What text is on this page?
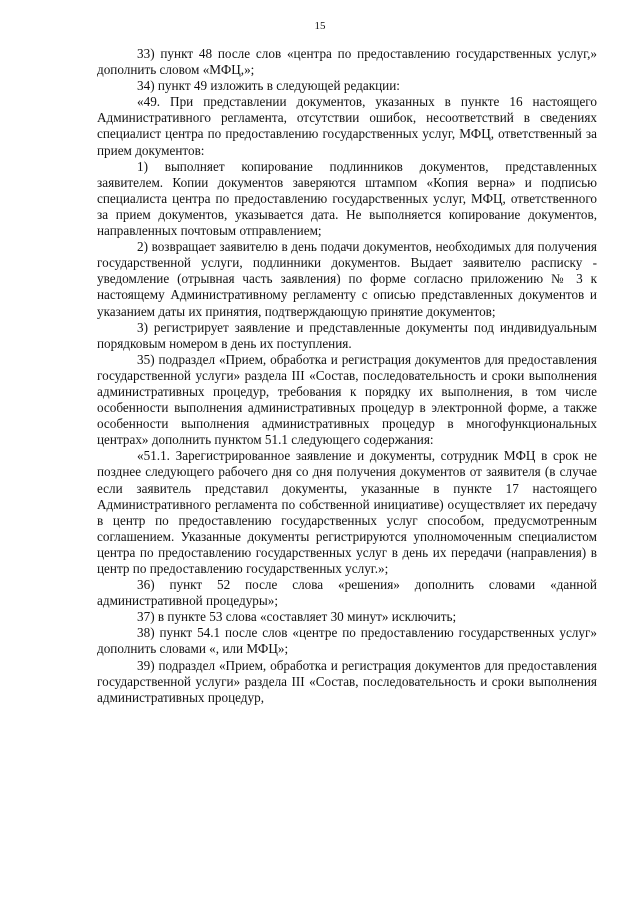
15

33) пункт 48 после слов «центра по предоставлению государственных услуг,» дополнить словом «МФЦ,»;

34) пункт 49 изложить в следующей редакции:

«49. При представлении документов, указанных в пункте 16 настоящего Административного регламента, отсутствии ошибок, несоответствий в сведениях специалист центра по предоставлению государственных услуг, МФЦ, ответственный за прием документов:

1) выполняет копирование подлинников документов, представленных заявителем. Копии документов заверяются штампом «Копия верна» и подписью специалиста центра по предоставлению государственных услуг, МФЦ, ответственного за прием документов, указывается дата. Не выполняется копирование документов, направленных почтовым отправлением;

2) возвращает заявителю в день подачи документов, необходимых для получения государственной услуги, подлинники документов. Выдает заявителю расписку - уведомление (отрывная часть заявления) по форме согласно приложению № 3 к настоящему Административному регламенту с описью представленных документов и указанием даты их принятия, подтверждающую принятие документов;

3) регистрирует заявление и представленные документы под индивидуальным порядковым номером в день их поступления.

35) подраздел «Прием, обработка и регистрация документов для предоставления государственной услуги» раздела III «Состав, последовательность и сроки выполнения административных процедур, требования к порядку их выполнения, в том числе особенности выполнения административных процедур в электронной форме, а также особенности выполнения административных процедур в многофункциональных центрах» дополнить пунктом 51.1 следующего содержания:

«51.1. Зарегистрированное заявление и документы, сотрудник МФЦ в срок не позднее следующего рабочего дня со дня получения документов от заявителя (в случае если заявитель представил документы, указанные в пункте 17 настоящего Административного регламента по собственной инициативе) осуществляет их передачу в центр по предоставлению государственных услуг способом, предусмотренным соглашением. Указанные документы регистрируются уполномоченным специалистом центра по предоставлению государственных услуг в день их передачи (направления) в центр по предоставлению государственных услуг.»;

36) пункт 52 после слова «решения» дополнить словами «данной административной процедуры»;

37) в пункте 53 слова «составляет 30 минут» исключить;

38) пункт 54.1 после слов «центре по предоставлению государственных услуг» дополнить словами «, или МФЦ»;

39) подраздел «Прием, обработка и регистрация документов для предоставления государственной услуги» раздела III «Состав, последовательность и сроки выполнения административных процедур,
